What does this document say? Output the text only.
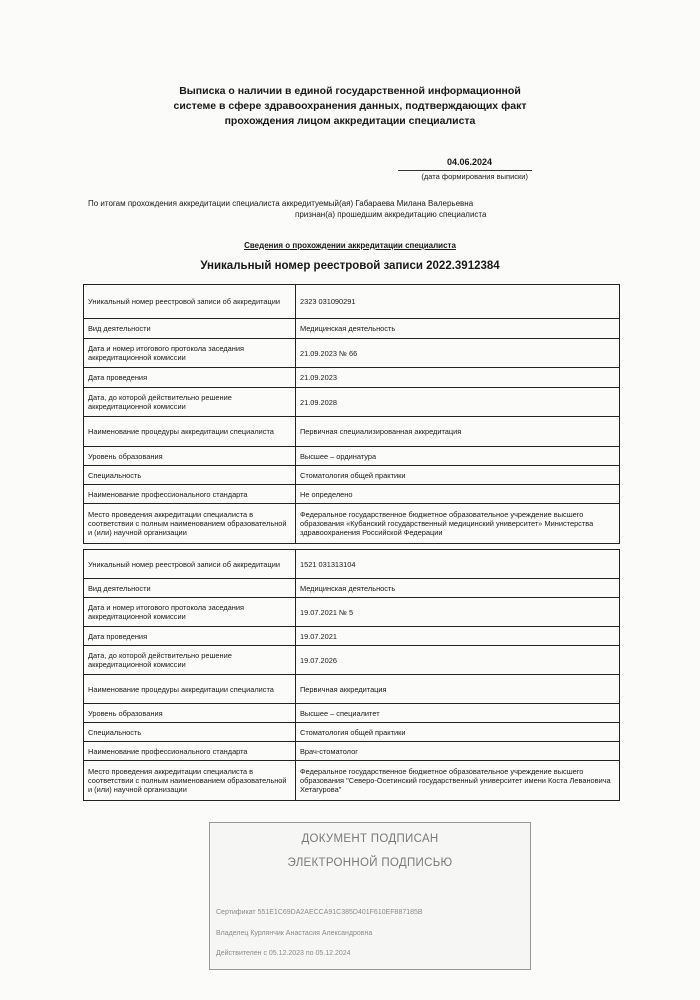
Выписка о наличии в единой государственной информационной
системе в сфере здравоохранения данных, подтверждающих факт
прохождения лицом аккредитации специалиста
04.06.2024
(дата формирования выписки)
По итогам прохождения аккредитации специалиста аккредитуемый(ая) Габараева Милана Валерьевна
признан(а) прошедшим аккредитацию специалиста
Сведения о прохождении аккредитации специалиста
Уникальный номер реестровой записи 2022.3912384
Уникальный номер реестровой записи об аккредитации	2323 031090291
Вид деятельности	Медицинская деятельность
Дата и номер итогового протокола заседания аккредитационной комиссии	21.09.2023 № 66
Дата проведения	21.09.2023
Дата, до которой действительно решение аккредитационной комиссии	21.09.2028
Наименование процедуры аккредитации специалиста	Первичная специализированная аккредитация
Уровень образования	Высшее – ординатура
Специальность	Стоматология общей практики
Наименование профессионального стандарта	Не определено
Место проведения аккредитации специалиста в соответствии с полным наименованием образовательной и (или) научной организации	Федеральное государственное бюджетное образовательное учреждение высшего образования «Кубанский государственный медицинский университет» Министерства здравоохранения Российской Федерации
Уникальный номер реестровой записи об аккредитации	1521 031313104
Вид деятельности	Медицинская деятельность
Дата и номер итогового протокола заседания аккредитационной комиссии	19.07.2021 № 5
Дата проведения	19.07.2021
Дата, до которой действительно решение аккредитационной комиссии	19.07.2026
Наименование процедуры аккредитации специалиста	Первичная аккредитация
Уровень образования	Высшее – специалитет
Специальность	Стоматология общей практики
Наименование профессионального стандарта	Врач-стоматолог
Место проведения аккредитации специалиста в соответствии с полным наименованием образовательной и (или) научной организации	Федеральное государственное бюджетное образовательное учреждение высшего образования "Северо-Осетинский государственный университет имени Коста Левановича Хетагурова"
ДОКУМЕНТ ПОДПИСАН
ЭЛЕКТРОННОЙ ПОДПИСЬЮ
Сертификат 551E1C69DA2AECCA91C385D401F610EF887185B
Владелец Курлянчик Анастасия Александровна
Действителен с 05.12.2023 по 05.12.2024
